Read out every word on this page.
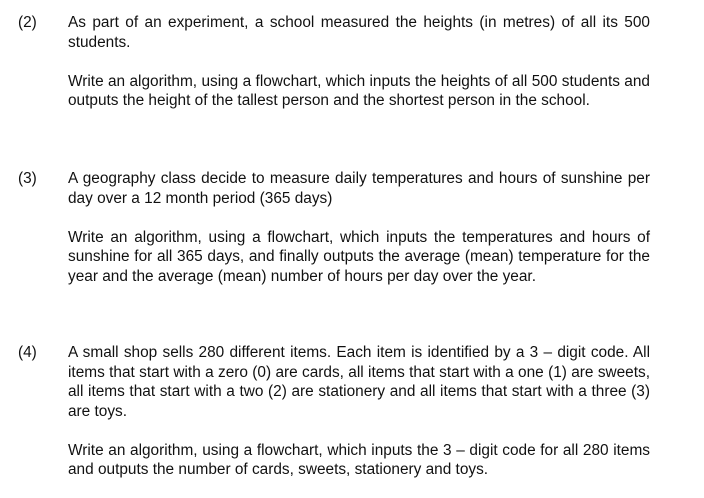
(2) As part of an experiment, a school measured the heights (in metres) of all its 500 students.

Write an algorithm, using a flowchart, which inputs the heights of all 500 students and outputs the height of the tallest person and the shortest person in the school.

(3) A geography class decide to measure daily temperatures and hours of sunshine per day over a 12 month period (365 days)

Write an algorithm, using a flowchart, which inputs the temperatures and hours of sunshine for all 365 days, and finally outputs the average (mean) temperature for the year and the average (mean) number of hours per day over the year.

(4) A small shop sells 280 different items. Each item is identified by a 3 – digit code. All items that start with a zero (0) are cards, all items that start with a one (1) are sweets, all items that start with a two (2) are stationery and all items that start with a three (3) are toys.

Write an algorithm, using a flowchart, which inputs the 3 – digit code for all 280 items and outputs the number of cards, sweets, stationery and toys.
